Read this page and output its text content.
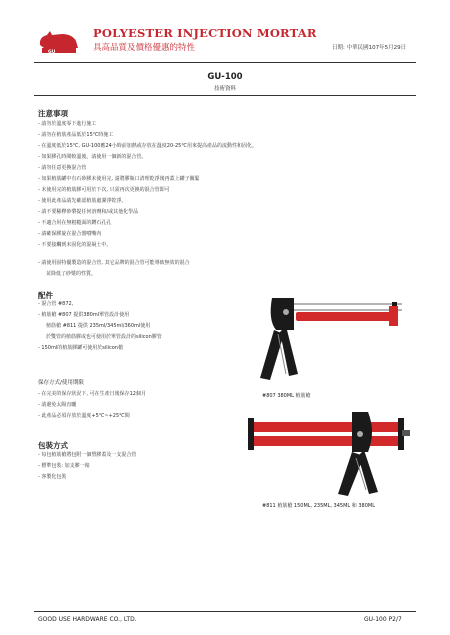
GU
POLYESTER INJECTION MORTAR
具高品質及價格優惠的特性	日期: 中華民國107年5月29日
GU-100
技術資料
注意事項
- 請勿於溫度零下進行施工
- 請勿在植筋產品低於15℃時施工
- 在溫度低於15℃, GU-100應24小時前加熱或存放在溫度20-25℃用來提高產品的流動性和固化。
- 如果膠孔時間較溫後，請使用一個新的混合管。
- 請勿任意更換混合管
- 如果植筋罐中有石砂膠未使用完, 請將膠瓶口清理乾淨後再蓋上罐子關緊
- 未使用完的植筋膠可用於下次, 只需再次更換的混合管即可
- 使用此產品請先確認植筋處潔淨乾淨。
- 請不要稀釋砂漿提任何溶劑和/或其他化學品
- 不適合用在無粗糙面的鑽石孔孔
- 請確保膠旋在混合器噴嘴內
- 不要接觸到未固化的混凝土中。
- 請使用固特優製造的混合管, 其它品牌的混合管可能導致無效的混合
並降低了砂漿的性質。
配件
- 混合管 #872,
- 植筋槍 #807 提供380ml單管設計使用
植筋槍 #811 提供 235ml/345ml/360ml使用
於雙管的植筋膠或也可使用於單管設計的silicon膠管
- 150ml的植筋膠罐可使用於silicon槍
保存方式/使用期限
- 在完美的保存狀況下, 可在生產日後保存12個月
- 請避免太陽直曬
- 此產品必須存放於溫度+5℃~+25℃間
包裝方式
- 每包植筋槍將包附一個塑膠蓋及一支混合管
- 標準包裝: 加支膠一箱
- 客製化包裝
#807 380ML 植筋槍
#811 植筋槍 150ML, 235ML, 345ML 和 380ML
GOOD USE HARDWARE CO., LTD.	GU-100 P2/7
